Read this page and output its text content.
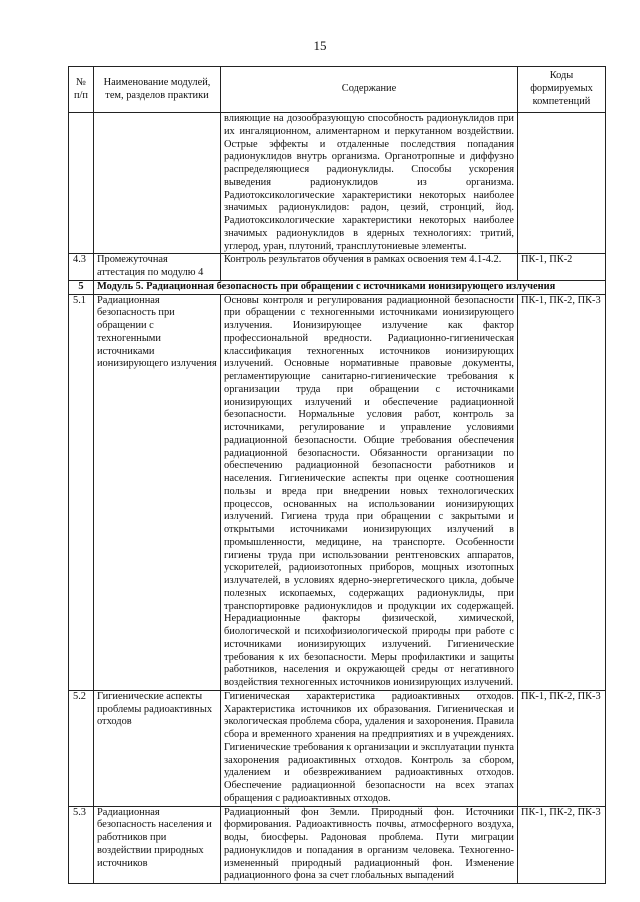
15
№ п/п	Наименование модулей, тем, разделов практики	Содержание	Коды формируемых компетенций
		влияющие на дозообразующую способность радионуклидов при их ингаляционном, алиментарном и перкутанном воздействии. Острые эффекты и отдаленные последствия попадания радионуклидов внутрь организма. Органотропные и диффузно распределяющиеся радионуклиды. Способы ускорения выведения радионуклидов из организма. Радиотоксикологические характеристики некоторых наиболее значимых радионуклидов: радон, цезий, стронций, йод. Радиотоксикологические характеристики некоторых наиболее значимых радионуклидов в ядерных технологиях: тритий, углерод, уран, плутоний, трансплутониевые элементы.	
4.3	Промежуточная аттестация по модулю 4	Контроль результатов обучения в рамках освоения тем 4.1-4.2.	ПК-1, ПК-2
5	Модуль 5. Радиационная безопасность при обращении с источниками ионизирующего излучения		
5.1	Радиационная безопасность при обращении с техногенными источниками ионизирующего излучения	Основы контроля и регулирования радиационной безопасности при обращении с техногенными источниками ионизирующего излучения. Ионизирующее излучение как фактор профессиональной вредности. Радиационно-гигиеническая классификация техногенных источников ионизирующих излучений. Основные нормативные правовые документы, регламентирующие санитарно-гигиенические требования к организации труда при обращении с источниками ионизирующих излучений и обеспечение радиационной безопасности. Нормальные условия работ, контроль за источниками, регулирование и управление условиями радиационной безопасности. Общие требования обеспечения радиационной безопасности. Обязанности организации по обеспечению радиационной безопасности работников и населения. Гигиенические аспекты при оценке соотношения пользы и вреда при внедрении новых технологических процессов, основанных на использовании ионизирующих излучений. Гигиена труда при обращении с закрытыми и открытыми источниками ионизирующих излучений в промышленности, медицине, на транспорте. Особенности гигиены труда при использовании рентгеновских аппаратов, ускорителей, радиоизотопных приборов, мощных изотопных излучателей, в условиях ядерно-энергетического цикла, добыче полезных ископаемых, содержащих радионуклиды, при транспортировке радионуклидов и продукции их содержащей. Нерадиационные факторы физической, химической, биологической и психофизиологической природы при работе с источниками ионизирующих излучений. Гигиенические требования к их безопасности. Меры профилактики и защиты работников, населения и окружающей среды от негативного воздействия техногенных источников ионизирующих излучений.	ПК-1, ПК-2, ПК-3
5.2	Гигиенические аспекты проблемы радиоактивных отходов	Гигиеническая характеристика радиоактивных отходов. Характеристика источников их образования. Гигиеническая и экологическая проблема сбора, удаления и захоронения. Правила сбора и временного хранения на предприятиях и в учреждениях. Гигиенические требования к организации и эксплуатации пункта захоронения радиоактивных отходов. Контроль за сбором, удалением и обезвреживанием радиоактивных отходов. Обеспечение радиационной безопасности на всех этапах обращения с радиоактивных отходов.	ПК-1, ПК-2, ПК-3
5.3	Радиационная безопасность населения и работников при воздействии природных источников	Радиационный фон Земли. Природный фон. Источники формирования. Радиоактивность почвы, атмосферного воздуха, воды, биосферы. Радоновая проблема. Пути миграции радионуклидов и попадания в организм человека. Техногенно-измененный природный радиационный фон. Изменение радиационного фона за счет глобальных выпадений	ПК-1, ПК-2, ПК-3
